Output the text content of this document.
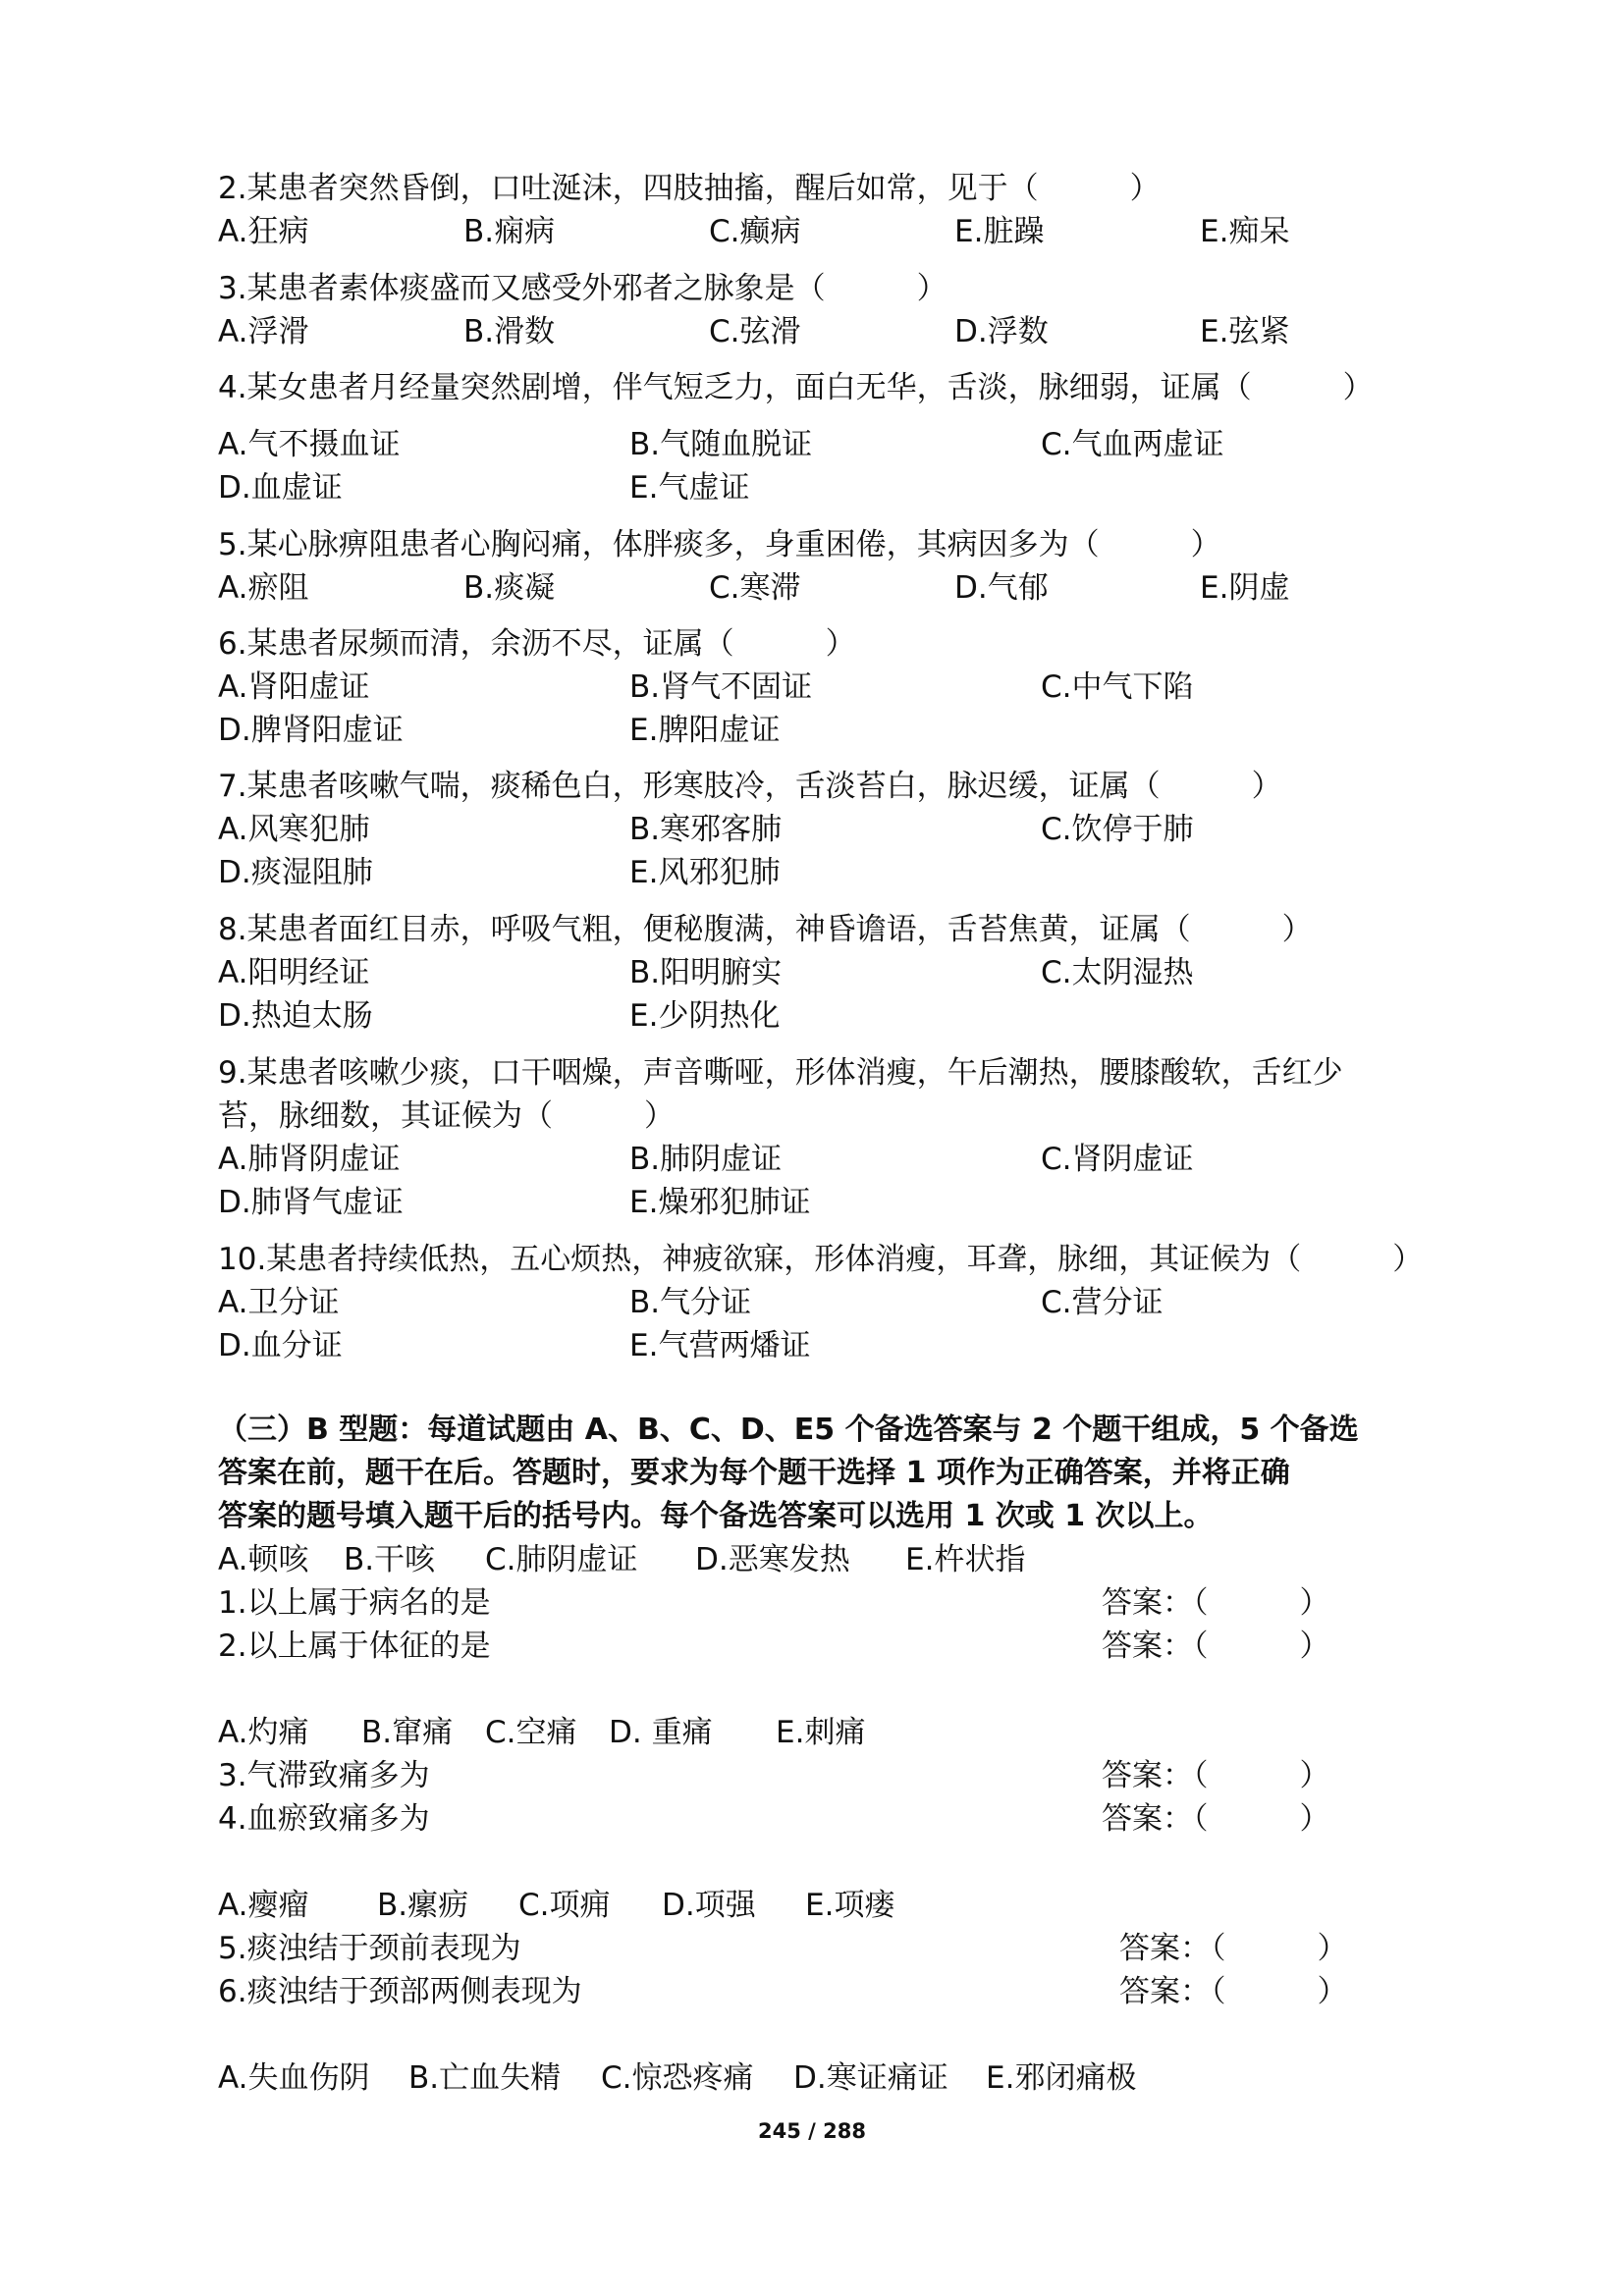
2.某患者突然昏倒，口吐涎沫，四肢抽搐，醒后如常，见于（　　　）
A.狂病	B.痫病	C.癫病	E.脏躁	E.痴呆
3.某患者素体痰盛而又感受外邪者之脉象是（　　　）
A.浮滑	B.滑数	C.弦滑	D.浮数	E.弦紧
4.某女患者月经量突然剧增，伴气短乏力，面白无华，舌淡，脉细弱，证属（　　　）
A.气不摄血证	B.气随血脱证	C.气血两虚证
D.血虚证	E.气虚证
5.某心脉痹阻患者心胸闷痛，体胖痰多，身重困倦，其病因多为（　　　）
A.瘀阻	B.痰凝	C.寒滞	D.气郁	E.阴虚
6.某患者尿频而清，余沥不尽，证属（　　　）
A.肾阳虚证	B.肾气不固证	C.中气下陷
D.脾肾阳虚证	E.脾阳虚证
7.某患者咳嗽气喘，痰稀色白，形寒肢冷，舌淡苔白，脉迟缓，证属（　　　）
A.风寒犯肺	B.寒邪客肺	C.饮停于肺
D.痰湿阻肺	E.风邪犯肺
8.某患者面红目赤，呼吸气粗，便秘腹满，神昏谵语，舌苔焦黄，证属（　　　）
A.阳明经证	B.阳明腑实	C.太阴湿热
D.热迫太肠	E.少阴热化
9.某患者咳嗽少痰，口干咽燥，声音嘶哑，形体消瘦，午后潮热，腰膝酸软，舌红少
苔，脉细数，其证候为（　　　）
A.肺肾阴虚证	B.肺阴虚证	C.肾阴虚证
D.肺肾气虚证	E.燥邪犯肺证
10.某患者持续低热，五心烦热，神疲欲寐，形体消瘦，耳聋，脉细，其证候为（　　　）
A.卫分证	B.气分证	C.营分证
D.血分证	E.气营两燔证
（三）B 型题：每道试题由 A、B、C、D、E5 个备选答案与 2 个题干组成，5 个备选
答案在前，题干在后。答题时，要求为每个题干选择 1 项作为正确答案，并将正确
答案的题号填入题干后的括号内。每个备选答案可以选用 1 次或 1 次以上。
A.顿咳 B.干咳 C.肺阴虚证 D.恶寒发热 E.杵状指
1.以上属于病名的是	答案：（　　　）
2.以上属于体征的是	答案：（　　　）
A.灼痛 B.窜痛 C.空痛 D. 重痛 E.刺痛
3.气滞致痛多为	答案：（　　　）
4.血瘀致痛多为	答案：（　　　）
A.瘿瘤 B.瘰疬 C.项痈 D.项强 E.项瘘
5.痰浊结于颈前表现为	答案：（　　　）
6.痰浊结于颈部两侧表现为	答案：（　　　）
A.失血伤阴 B.亡血失精 C.惊恐疼痛 D.寒证痛证 E.邪闭痛极
245 / 288
